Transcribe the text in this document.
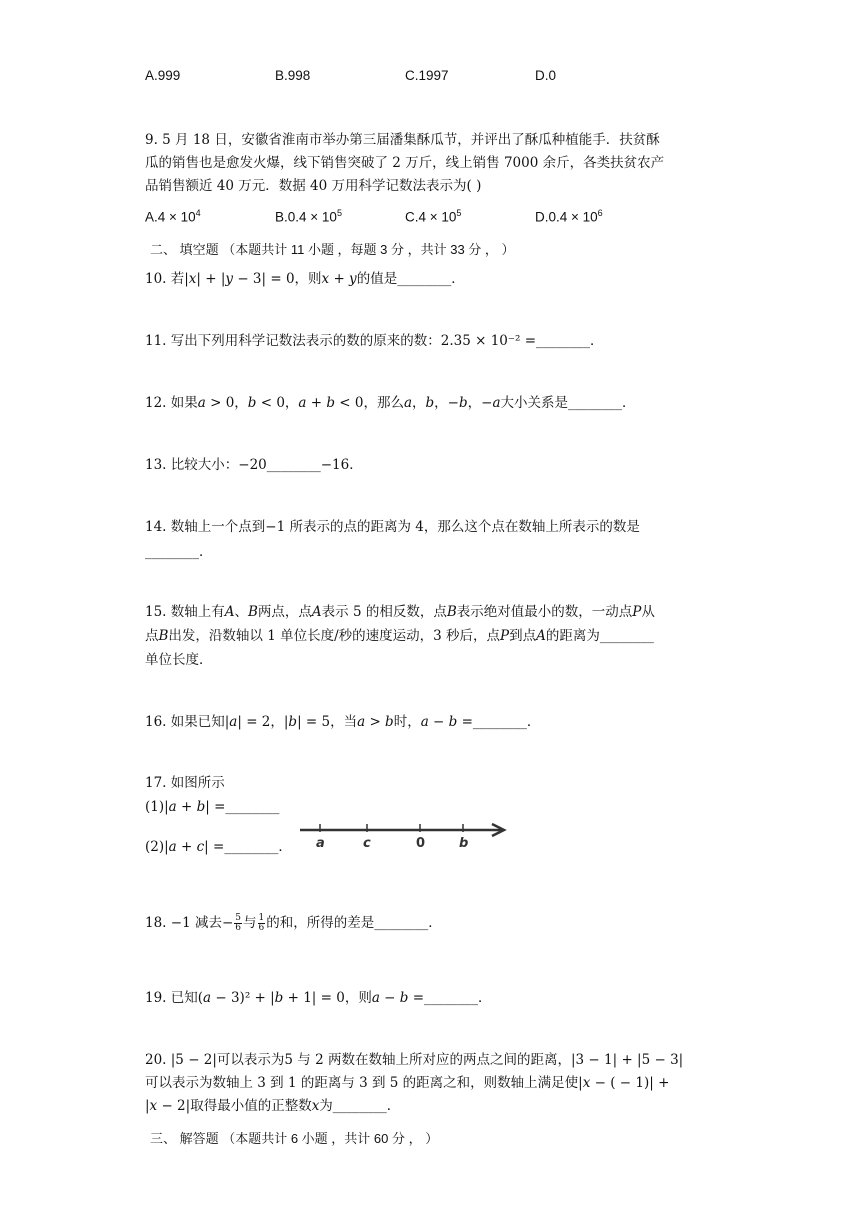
A.999	B.998	C.1997	D.0
9. 5 月 18 日，安徽省淮南市举办第三届潘集酥瓜节，并评出了酥瓜种植能手．扶贫酥
瓜的销售也是愈发火爆，线下销售突破了 2 万斤，线上销售 7000 余斤，各类扶贫农产
品销售额近 40 万元．数据 40 万用科学记数法表示为( )
$A.4 \times 10^4$	$B.0.4 \times 10^5$	$C.4 \times 10^5$	$D.0.4 \times 10^6$
二、 填空题 （本题共计 11 小题 ，每题 3 分 ，共计 33 分 ， ）
10. 若|𝑥| + |𝑦 − 3| = 0，则𝑥 + 𝑦的值是________．
11. 写出下列用科学记数法表示的数的原来的数：2.35 × 10⁻² =________．
12. 如果𝑎 > 0，𝑏 < 0，𝑎 + 𝑏 < 0，那么𝑎，𝑏，−𝑏，−𝑎大小关系是________．
13. 比较大小：−20________−16．
14. 数轴上一个点到−1 所表示的点的距离为 4，那么这个点在数轴上所表示的数是
________．
15. 数轴上有𝐴、𝐵两点，点𝐴表示 5 的相反数，点𝐵表示绝对值最小的数，一动点𝑃从
点𝐵出发，沿数轴以 1 单位长度/秒的速度运动，3 秒后，点𝑃到点𝐴的距离为________
单位长度．
16. 如果已知|𝑎| = 2，|𝑏| = 5，当𝑎 > 𝑏时，𝑎 − 𝑏 =________．
17. 如图所示
(1)|𝑎 + 𝑏| =________
(2)|𝑎 + 𝑐| =________． a	c	0	b
18. −1 减去− $\frac{5}{6}$ 与 $\frac{1}{6}$ 的和，所得的差是________．
19. 已知(𝑎 − 3)² + |𝑏 + 1| = 0，则𝑎 − 𝑏 =________．
20. |5 − 2|可以表示为5 与 2 两数在数轴上所对应的两点之间的距离，|3 − 1| + |5 − 3|
可以表示为数轴上 3 到 1 的距离与 3 到 5 的距离之和，则数轴上满足使|𝑥 − ( − 1)| +
|𝑥 − 2|取得最小值的正整数𝑥为________．
三、 解答题 （本题共计 6 小题 ，共计 60 分 ， ）
